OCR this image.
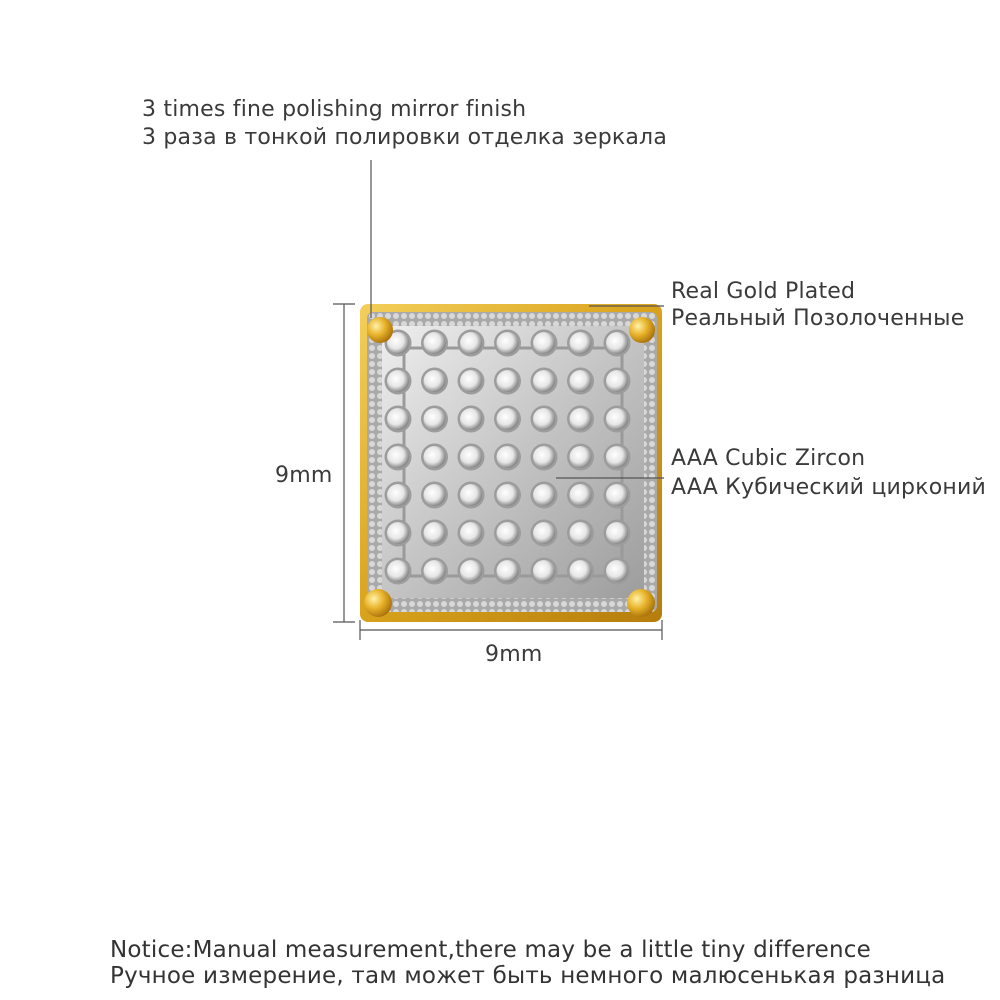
3 times fine polishing mirror finish
3 раза в тонкой полировки отделка зеркала
Real Gold Plated
Реальный Позолоченные
AAA Cubic Zircon
AAA Кубический цирконий
9mm
9mm
Notice:Manual measurement,there may be a little tiny difference
Ручное измерение, там может быть немного малюсенькая разница
